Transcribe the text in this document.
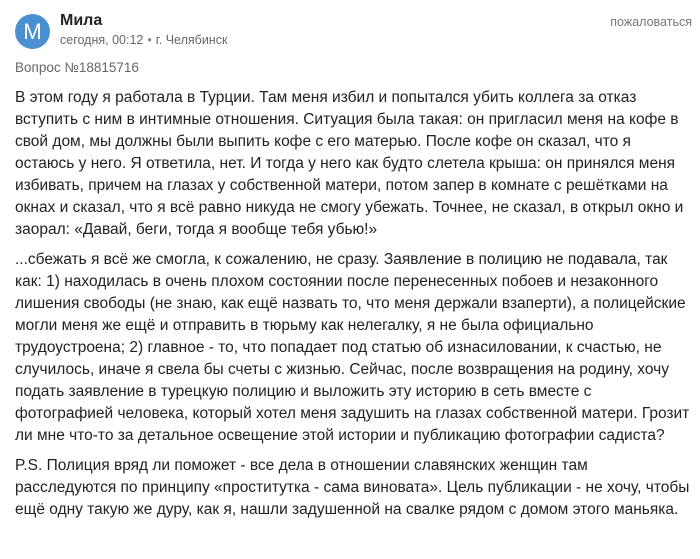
M	Мила
сегодня, 00:12 • г. Челябинск
пожаловаться
Вопрос №18815716

В этом году я работала в Турции. Там меня избил и попытался убить коллега за отказ вступить с ним в интимные отношения. Ситуация была такая: он пригласил меня на кофе в свой дом, мы должны были выпить кофе с его матерью. После кофе он сказал, что я остаюсь у него. Я ответила, нет. И тогда у него как будто слетела крыша: он принялся меня избивать, причем на глазах у собственной матери, потом запер в комнате с решётками на окнах и сказал, что я всё равно никуда не смогу убежать. Точнее, не сказал, в открыл окно и заорал: «Давай, беги, тогда я вообще тебя убью!»

...сбежать я всё же смогла, к сожалению, не сразу. Заявление в полицию не подавала, так как: 1) находилась в очень плохом состоянии после перенесенных побоев и незаконного лишения свободы (не знаю, как ещё назвать то, что меня держали взаперти), а полицейские могли меня же ещё и отправить в тюрьму как нелегалку, я не была официально трудоустроена; 2) главное - то, что попадает под статью об изнасиловании, к счастью, не случилось, иначе я свела бы счеты с жизнью. Сейчас, после возвращения на родину, хочу подать заявление в турецкую полицию и выложить эту историю в сеть вместе с фотографией человека, который хотел меня задушить на глазах собственной матери. Грозит ли мне что-то за детальное освещение этой истории и публикацию фотографии садиста?

P.S. Полиция вряд ли поможет - все дела в отношении славянских женщин там расследуются по принципу «проститутка - сама виновата». Цель публикации - не хочу, чтобы ещё одну такую же дуру, как я, нашли задушенной на свалке рядом с домом этого маньяка.
